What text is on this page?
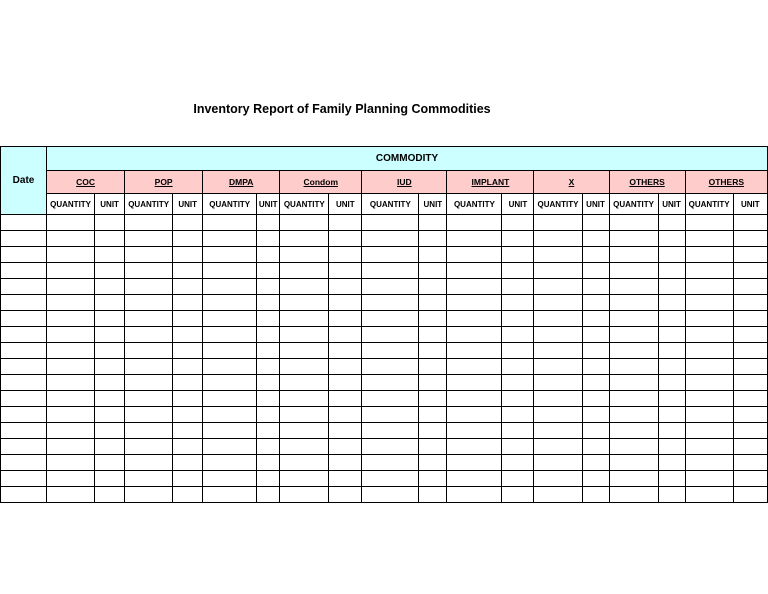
Inventory Report of Family Planning Commodities
Date	COMMODITY																	
	COC		POP		DMPA		Condom		IUD		IMPLANT		X		OTHERS		OTHERS	
	QUANTITY	UNIT	QUANTITY	UNIT	QUANTITY	UNIT	QUANTITY	UNIT	QUANTITY	UNIT	QUANTITY	UNIT	QUANTITY	UNIT	QUANTITY	UNIT	QUANTITY	UNIT
